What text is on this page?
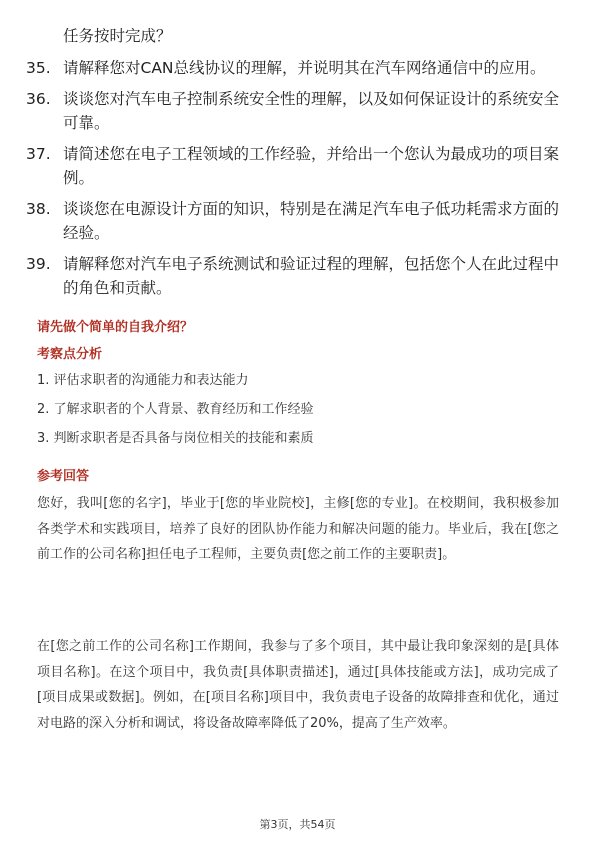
任务按时完成？
35. 请解释您对CAN总线协议的理解，并说明其在汽车网络通信中的应用。
36. 谈谈您对汽车电子控制系统安全性的理解，以及如何保证设计的系统安全可靠。
37. 请简述您在电子工程领域的工作经验，并给出一个您认为最成功的项目案例。
38. 谈谈您在电源设计方面的知识，特别是在满足汽车电子低功耗需求方面的经验。
39. 请解释您对汽车电子系统测试和验证过程的理解，包括您个人在此过程中的角色和贡献。
请先做个简单的自我介绍？
考察点分析
1. 评估求职者的沟通能力和表达能力
2. 了解求职者的个人背景、教育经历和工作经验
3. 判断求职者是否具备与岗位相关的技能和素质
参考回答

您好，我叫[您的名字]，毕业于[您的毕业院校]，主修[您的专业]。在校期间，我积极参加各类学术和实践项目，培养了良好的团队协作能力和解决问题的能力。毕业后，我在[您之前工作的公司名称]担任电子工程师，主要负责[您之前工作的主要职责]。

在[您之前工作的公司名称]工作期间，我参与了多个项目，其中最让我印象深刻的是[具体项目名称]。在这个项目中，我负责[具体职责描述]，通过[具体技能或方法]，成功完成了[项目成果或数据]。例如，在[项目名称]项目中，我负责电子设备的故障排查和优化，通过对电路的深入分析和调试，将设备故障率降低了20%，提高了生产效率。

第3页，共54页
